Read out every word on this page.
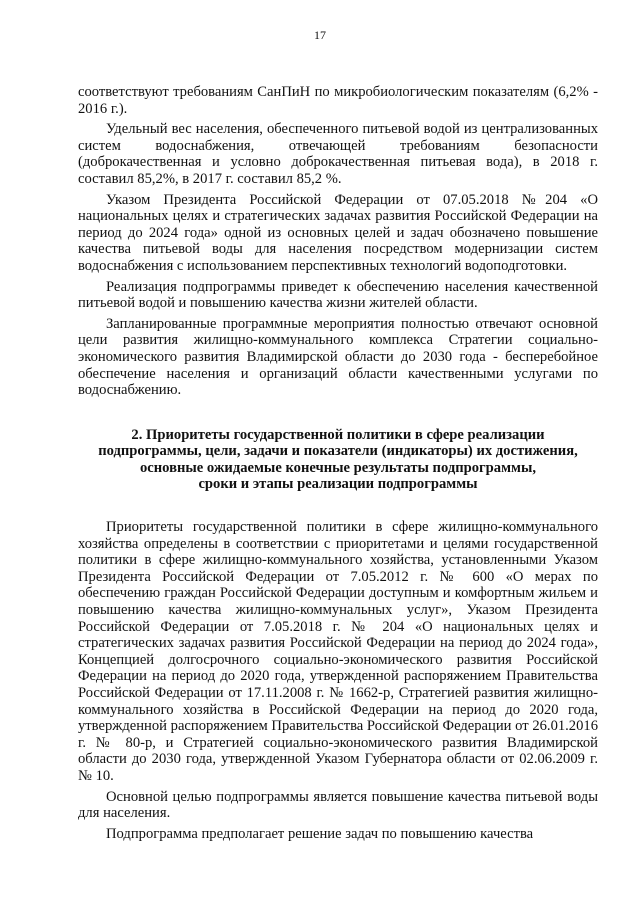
17

соответствуют требованиям СанПиН по микробиологическим показателям (6,2% - 2016 г.).

Удельный вес населения, обеспеченного питьевой водой из централизованных систем водоснабжения, отвечающей требованиям безопасности (доброкачественная и условно доброкачественная питьевая вода), в 2018 г. составил 85,2%, в 2017 г. составил 85,2 %.

Указом Президента Российской Федерации от 07.05.2018 №204 «О национальных целях и стратегических задачах развития Российской Федерации на период до 2024 года» одной из основных целей и задач обозначено повышение качества питьевой воды для населения посредством модернизации систем водоснабжения с использованием перспективных технологий водоподготовки.

Реализация подпрограммы приведет к обеспечению населения качественной питьевой водой и повышению качества жизни жителей области.

Запланированные программные мероприятия полностью отвечают основной цели развития жилищно-коммунального комплекса Стратегии социально-экономического развития Владимирской области до 2030 года - бесперебойное обеспечение населения и организаций области качественными услугами по водоснабжению.

2. Приоритеты государственной политики в сфере реализации
подпрограммы, цели, задачи и показатели (индикаторы) их достижения,
основные ожидаемые конечные результаты подпрограммы,
сроки и этапы реализации подпрограммы

Приоритеты государственной политики в сфере жилищно-коммунального хозяйства определены в соответствии с приоритетами и целями государственной политики в сфере жилищно-коммунального хозяйства, установленными Указом Президента Российской Федерации от 7.05.2012 г. № 600 «О мерах по обеспечению граждан Российской Федерации доступным и комфортным жильем и повышению качества жилищно-коммунальных услуг», Указом Президента Российской Федерации от 7.05.2018 г. № 204 «О национальных целях и стратегических задачах развития Российской Федерации на период до 2024 года», Концепцией долгосрочного социально-экономического развития Российской Федерации на период до 2020 года, утвержденной распоряжением Правительства Российской Федерации от 17.11.2008 г. № 1662-р, Стратегией развития жилищно-коммунального хозяйства в Российской Федерации на период до 2020 года, утвержденной распоряжением Правительства Российской Федерации от 26.01.2016 г. № 80-р, и Стратегией социально-экономического развития Владимирской области до 2030 года, утвержденной Указом Губернатора области от 02.06.2009 г. № 10.

Основной целью подпрограммы является повышение качества питьевой воды для населения.

Подпрограмма предполагает решение задач по повышению качества
